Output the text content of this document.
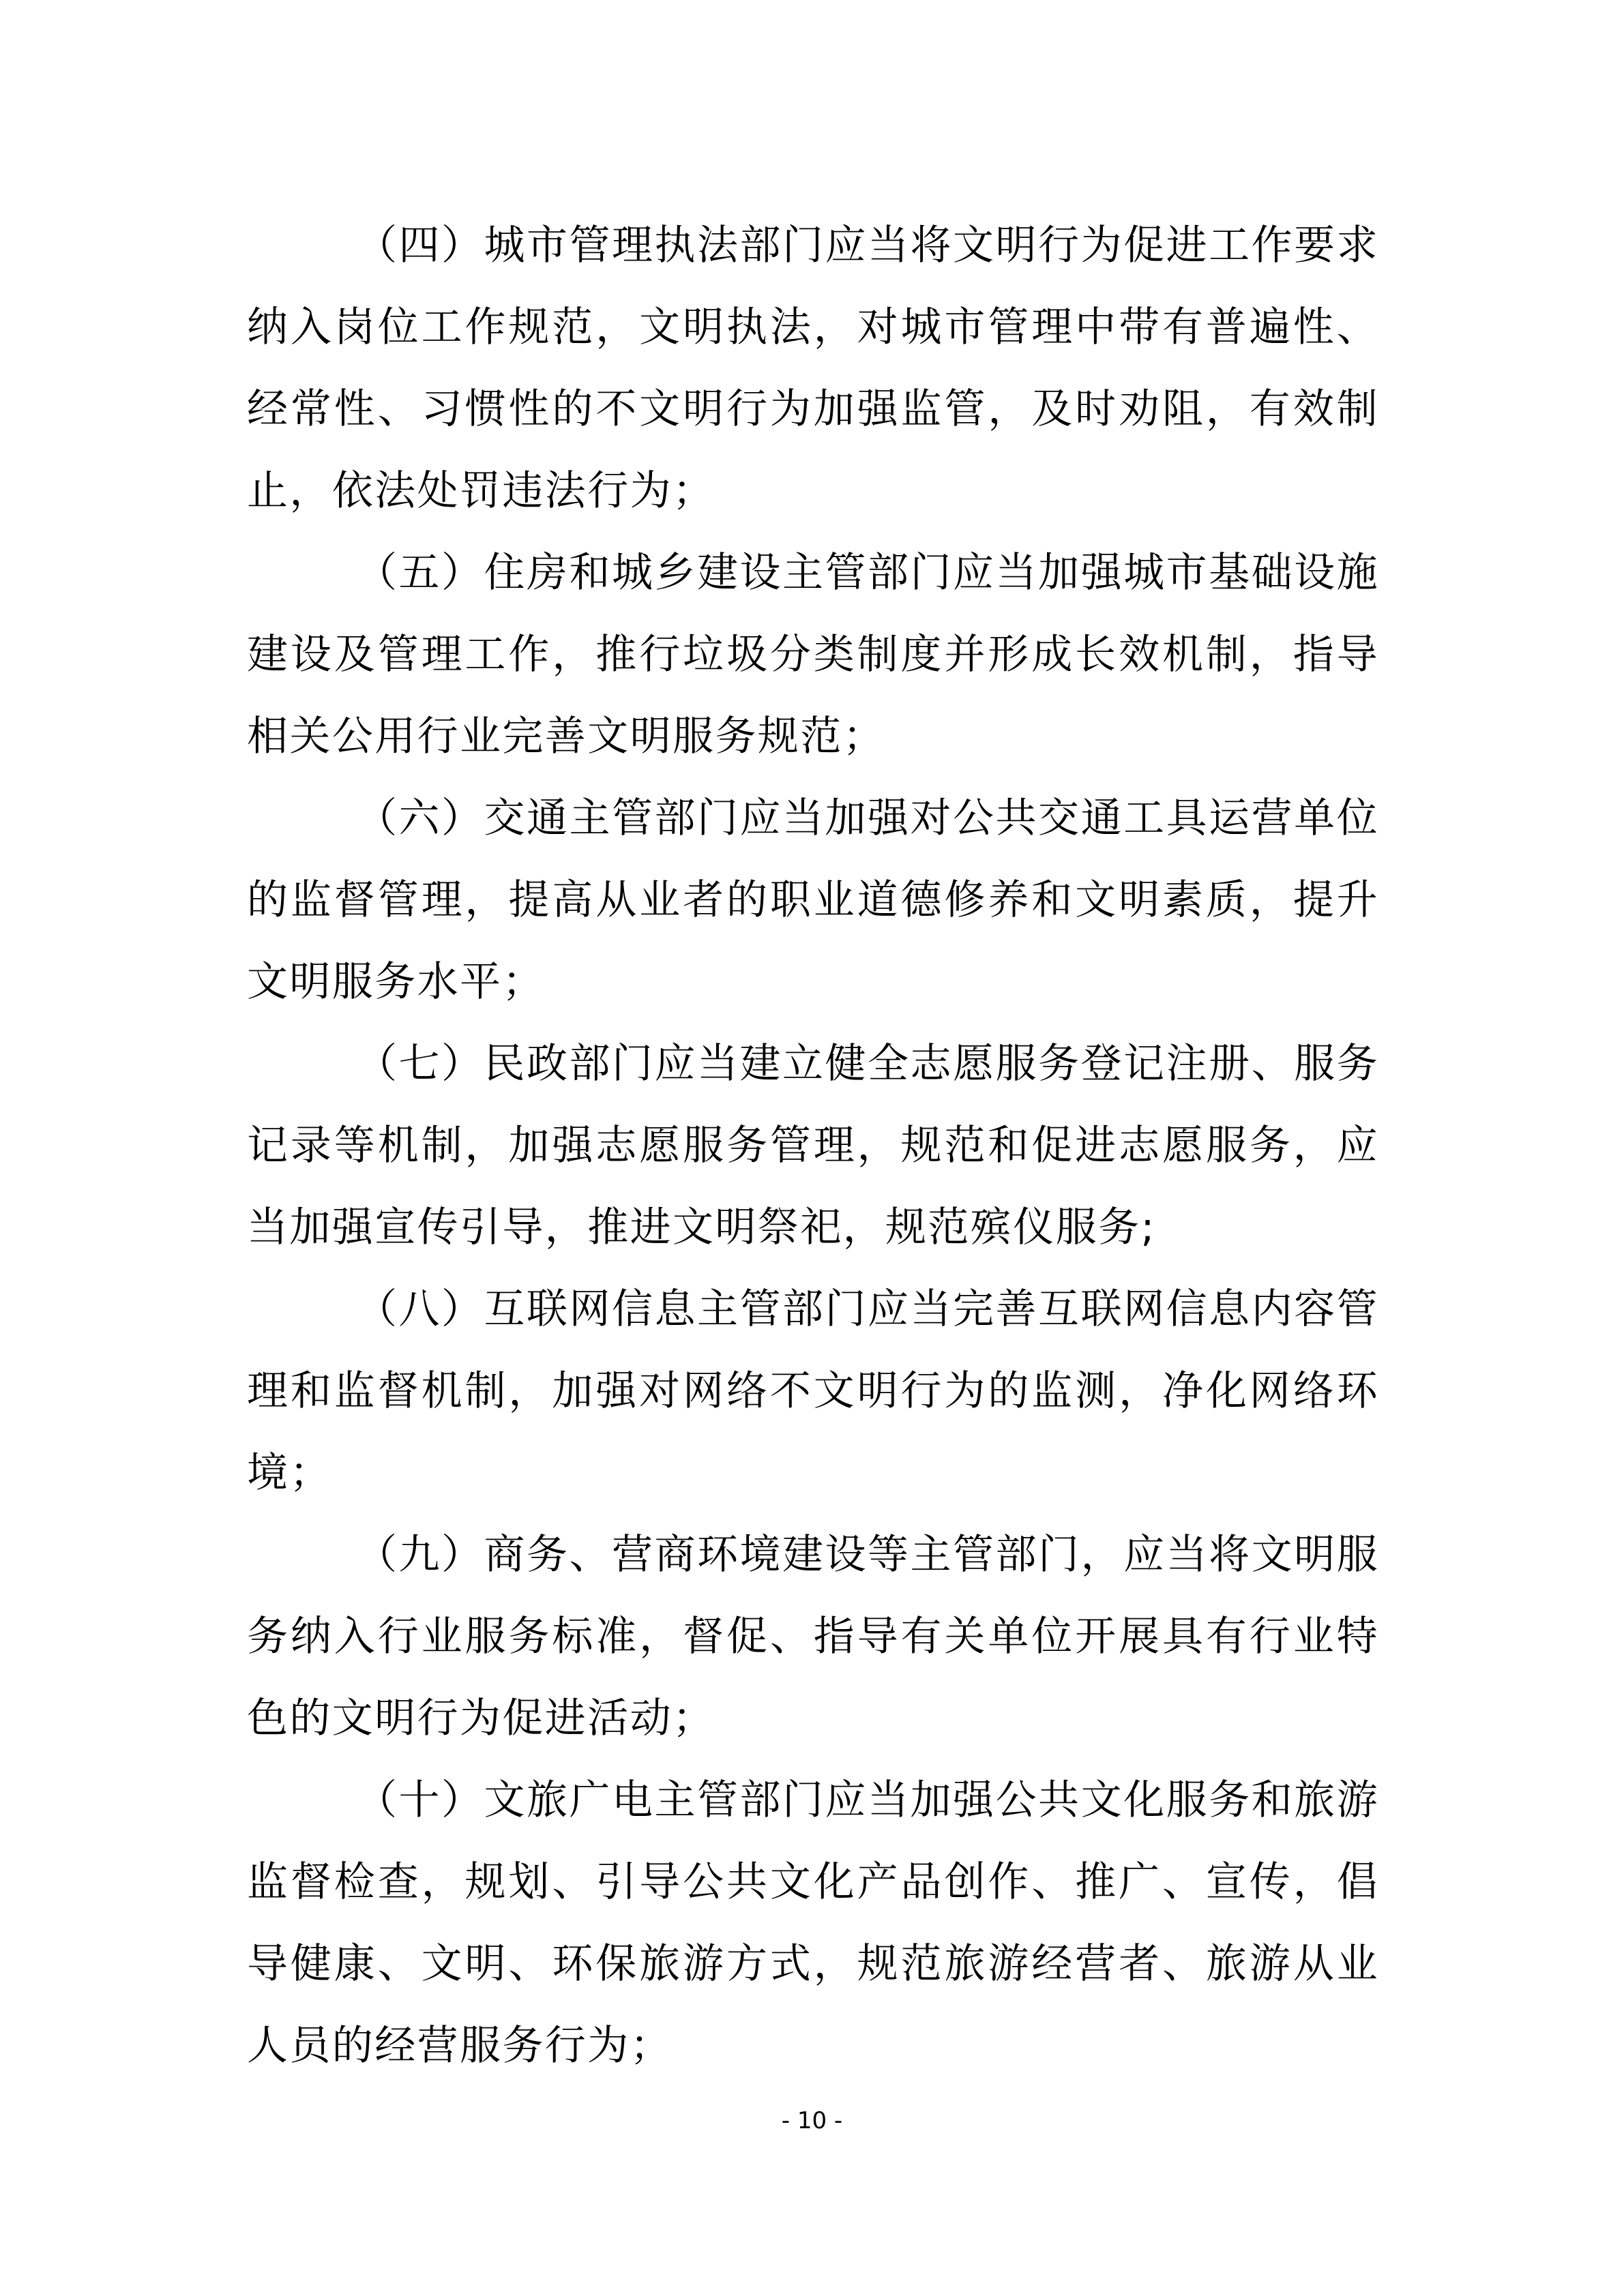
（四）城市管理执法部门应当将文明行为促进工作要求纳入岗位工作规范，文明执法，对城市管理中带有普遍性、经常性、习惯性的不文明行为加强监管，及时劝阻，有效制止，依法处罚违法行为；

（五）住房和城乡建设主管部门应当加强城市基础设施建设及管理工作，推行垃圾分类制度并形成长效机制，指导相关公用行业完善文明服务规范；

（六）交通主管部门应当加强对公共交通工具运营单位的监督管理，提高从业者的职业道德修养和文明素质，提升文明服务水平；

（七）民政部门应当建立健全志愿服务登记注册、服务记录等机制，加强志愿服务管理，规范和促进志愿服务，应当加强宣传引导，推进文明祭祀，规范殡仪服务;

（八）互联网信息主管部门应当完善互联网信息内容管理和监督机制，加强对网络不文明行为的监测，净化网络环境；

（九）商务、营商环境建设等主管部门，应当将文明服务纳入行业服务标准，督促、指导有关单位开展具有行业特色的文明行为促进活动；

（十）文旅广电主管部门应当加强公共文化服务和旅游监督检查，规划、引导公共文化产品创作、推广、宣传，倡导健康、文明、环保旅游方式，规范旅游经营者、旅游从业人员的经营服务行为；

- 10 -
